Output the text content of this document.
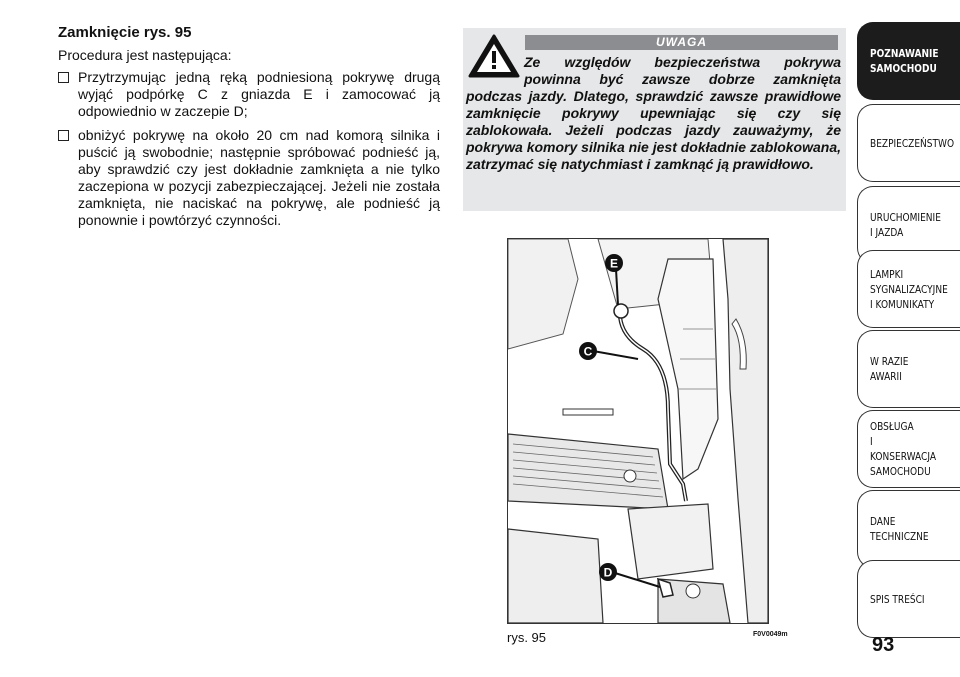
Zamknięcie rys. 95

Procedura jest następująca:

Przytrzymując jedną ręką podniesioną pokrywę drugą wyjąć podpórkę C z gniazda E i zamocować ją odpowiednio w zaczepie D;
obniżyć pokrywę na około 20 cm nad komorą silnika i puścić ją swobodnie; następnie spróbować podnieść ją, aby sprawdzić czy jest dokładnie zamknięta a nie tylko zaczepiona w pozycji zabezpieczającej. Jeżeli nie została zamknięta, nie naciskać na pokrywę, ale podnieść ją ponownie i powtórzyć czynności.
UWAGA
Ze względów bezpieczeństwa pokrywa powinna być zawsze dobrze zamknięta podczas jazdy. Dlatego, sprawdzić zawsze prawidłowe zamknięcie pokrywy upewniając się czy się zablokowała. Jeżeli podczas jazdy zauważymy, że pokrywa komory silnika nie jest dokładnie zablokowana, zatrzymać się natychmiast i zamknąć ją prawidłowo.
E
C
D
rys. 95	F0V0049m
POZNAWANIE
SAMOCHODU
BEZPIECZEŃSTWO
URUCHOMIENIE
I JAZDA
LAMPKI
SYGNALIZACYJNE
I KOMUNIKATY
W RAZIE AWARII
OBSŁUGA
I KONSERWACJA
SAMOCHODU
DANE
TECHNICZNE
SPIS TREŚCI
93
